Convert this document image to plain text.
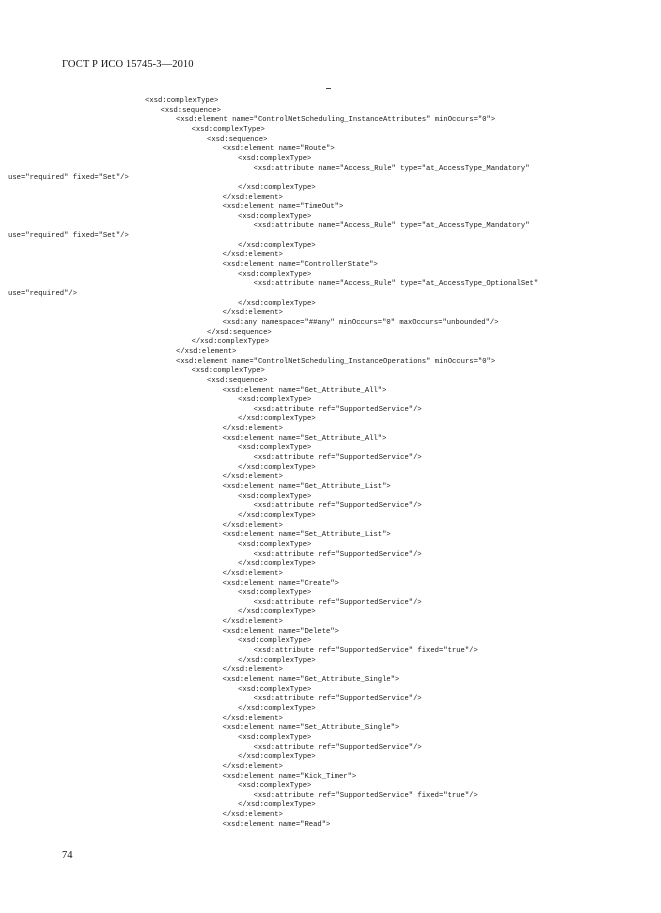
ГОСТ Р ИСО 15745-3—2010
<xsd:complexType>
<xsd:sequence>
<xsd:element name="ControlNetScheduling_InstanceAttributes" minOccurs="0">
<xsd:complexType>
<xsd:sequence>
<xsd:element name="Route">
<xsd:complexType>
<xsd:attribute name="Access_Rule" type="at_AccessType_Mandatory"
use="required" fixed="Set"/>
</xsd:complexType>
</xsd:element>
<xsd:element name="TimeOut">
<xsd:complexType>
<xsd:attribute name="Access_Rule" type="at_AccessType_Mandatory"
use="required" fixed="Set"/>
</xsd:complexType>
</xsd:element>
<xsd:element name="ControllerState">
<xsd:complexType>
<xsd:attribute name="Access_Rule" type="at_AccessType_OptionalSet"
use="required"/>
</xsd:complexType>
</xsd:element>
<xsd:any namespace="##any" minOccurs="0" maxOccurs="unbounded"/>
</xsd:sequence>
</xsd:complexType>
</xsd:element>
<xsd:element name="ControlNetScheduling_InstanceOperations" minOccurs="0">
<xsd:complexType>
<xsd:sequence>
<xsd:element name="Get_Attribute_All">
<xsd:complexType>
<xsd:attribute ref="SupportedService"/>
</xsd:complexType>
</xsd:element>
<xsd:element name="Set_Attribute_All">
<xsd:complexType>
<xsd:attribute ref="SupportedService"/>
</xsd:complexType>
</xsd:element>
<xsd:element name="Get_Attribute_List">
<xsd:complexType>
<xsd:attribute ref="SupportedService"/>
</xsd:complexType>
</xsd:element>
<xsd:element name="Set_Attribute_List">
<xsd:complexType>
<xsd:attribute ref="SupportedService"/>
</xsd:complexType>
</xsd:element>
<xsd:element name="Create">
<xsd:complexType>
<xsd:attribute ref="SupportedService"/>
</xsd:complexType>
</xsd:element>
<xsd:element name="Delete">
<xsd:complexType>
<xsd:attribute ref="SupportedService" fixed="true"/>
</xsd:complexType>
</xsd:element>
<xsd:element name="Get_Attribute_Single">
<xsd:complexType>
<xsd:attribute ref="SupportedService"/>
</xsd:complexType>
</xsd:element>
<xsd:element name="Set_Attribute_Single">
<xsd:complexType>
<xsd:attribute ref="SupportedService"/>
</xsd:complexType>
</xsd:element>
<xsd:element name="Kick_Timer">
<xsd:complexType>
<xsd:attribute ref="SupportedService" fixed="true"/>
</xsd:complexType>
</xsd:element>
<xsd:element name="Read">
74
